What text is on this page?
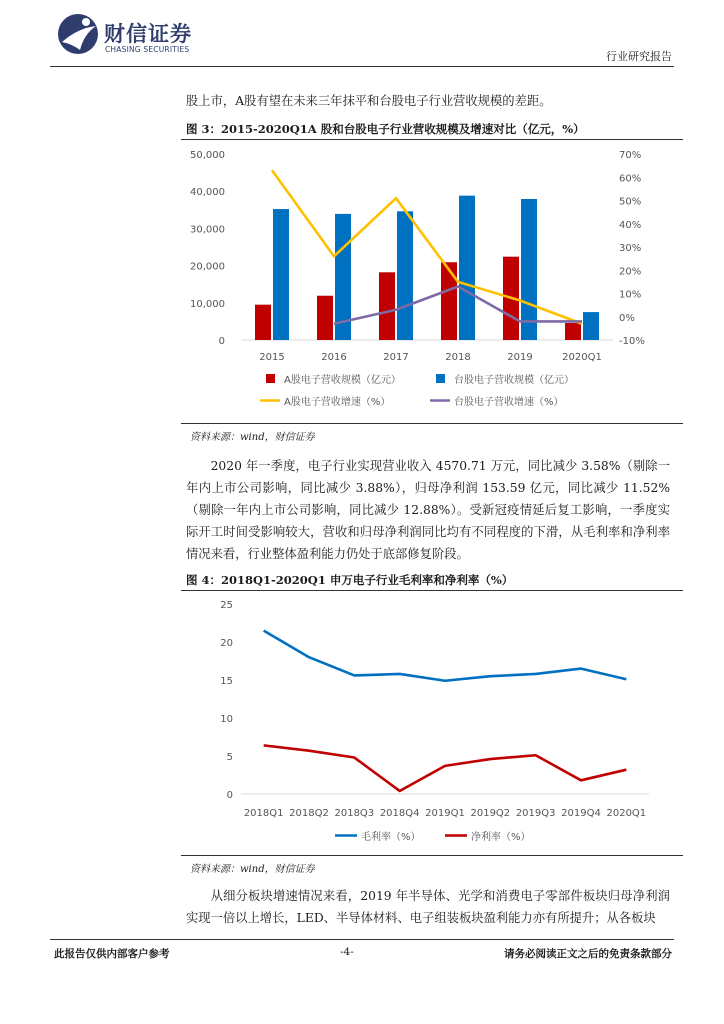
财信证券
CHASING SECURITIES
行业研究报告
股上市，A股有望在未来三年抹平和台股电子行业营收规模的差距。
图 3：2015-2020Q1A 股和台股电子行业营收规模及增速对比（亿元，%）
0
10,000
20,000
30,000
40,000
50,000
-10%
0%
10%
20%
30%
40%
50%
60%
70%
2015	2016	2017	2018	2019	2020Q1
A股电子营收规模（亿元）	台股电子营收规模（亿元）
A股电子营收增速（%）	台股电子营收增速（%）
资料来源：wind，财信证券
2020 年一季度，电子行业实现营业收入 4570.71 万元，同比减少 3.58%（剔除一年内上市公司影响，同比减少 3.88%），归母净利润 153.59 亿元，同比减少 11.52%（剔除一年内上市公司影响，同比减少 12.88%）。受新冠疫情延后复工影响，一季度实际开工时间受影响较大，营收和归母净利润同比均有不同程度的下滑，从毛利率和净利率情况来看，行业整体盈利能力仍处于底部修复阶段。
图 4：2018Q1-2020Q1 申万电子行业毛利率和净利率（%）
0
5
10
15
20
25
2018Q1 2018Q2 2018Q3 2018Q4 2019Q1 2019Q2 2019Q3 2019Q4 2020Q1
毛利率（%）	净利率（%）
资料来源：wind，财信证券
从细分板块增速情况来看，2019 年半导体、光学和消费电子零部件板块归母净利润实现一倍以上增长，LED、半导体材料、电子组装板块盈利能力亦有所提升；从各板块
此报告仅供内部客户参考	-4-	请务必阅读正文之后的免责条款部分
